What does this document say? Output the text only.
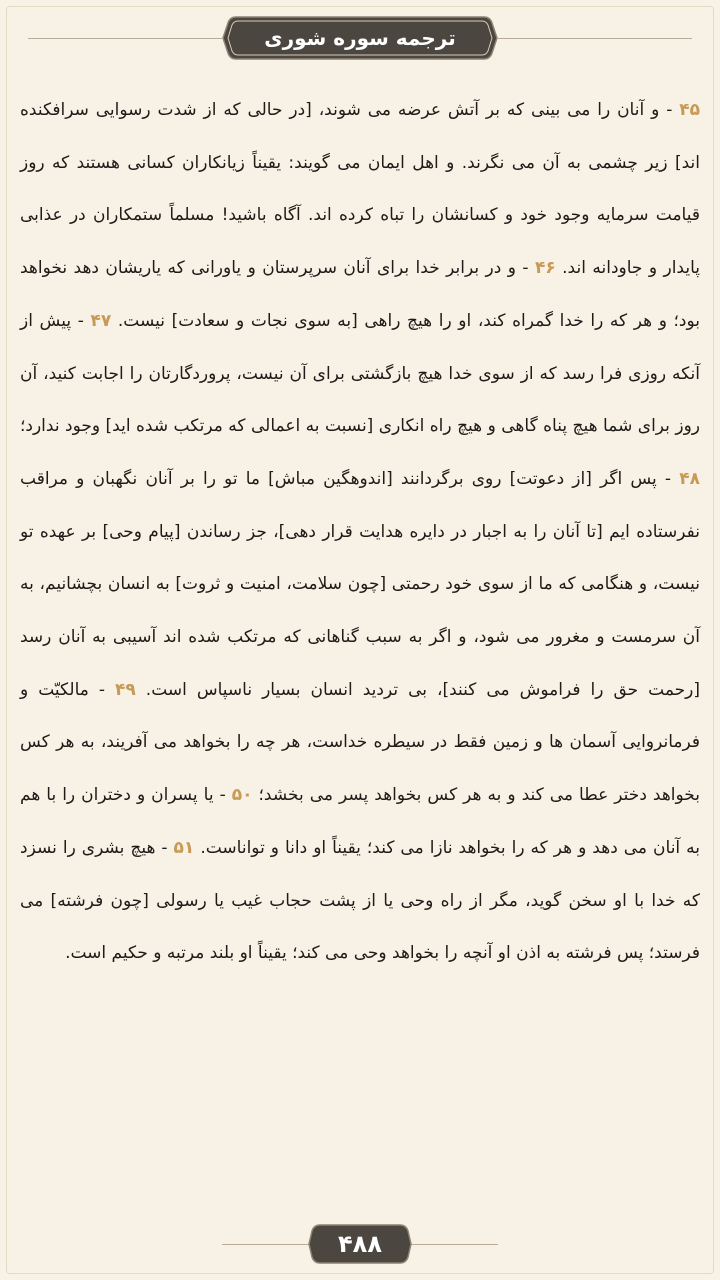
ترجمه سوره شوری
۴۵ - و آنان را می بینی که بر آتش عرضه می شوند، [در حالی که از شدت رسوایی سرافکنده اند] زیر چشمی به آن می نگرند. و اهل ایمان می گویند: یقیناً زیانکاران کسانی هستند که روز قیامت سرمایه وجود خود و کسانشان را تباه کرده اند. آگاه باشید! مسلماً ستمکاران در عذابی پایدار و جاودانه اند. ۴۶ - و در برابر خدا برای آنان سرپرستان و یاورانی که یاریشان دهد نخواهد بود؛ و هر که را خدا گمراه کند، او را هیچ راهی [به سوی نجات و سعادت] نیست. ۴۷ - پیش از آنکه روزی فرا رسد که از سوی خدا هیچ بازگشتی برای آن نیست، پروردگارتان را اجابت کنید، آن روز برای شما هیچ پناه گاهی و هیچ راه انکاری [نسبت به اعمالی که مرتکب شده اید] وجود ندارد؛ ۴۸ - پس اگر [از دعوتت] روی برگردانند [اندوهگین مباش] ما تو را بر آنان نگهبان و مراقب نفرستاده ایم [تا آنان را به اجبار در دایره هدایت قرار دهی]، جز رساندن [پیام وحی] بر عهده تو نیست، و هنگامی که ما از سوی خود رحمتی [چون سلامت، امنیت و ثروت] به انسان بچشانیم، به آن سرمست و مغرور می شود، و اگر به سبب گناهانی که مرتکب شده اند آسیبی به آنان رسد [رحمت حق را فراموش می کنند]، بی تردید انسان بسیار ناسپاس است. ۴۹ - مالکیّت و فرمانروایی آسمان ها و زمین فقط در سیطره خداست، هر چه را بخواهد می آفریند، به هر کس بخواهد دختر عطا می کند و به هر کس بخواهد پسر می بخشد؛ ۵۰ - یا پسران و دختران را با هم به آنان می دهد و هر که را بخواهد نازا می کند؛ یقیناً او دانا و تواناست. ۵۱ - هیچ بشری را نسزد که خدا با او سخن گوید، مگر از راه وحی یا از پشت حجاب غیب یا رسولی [چون فرشته] می فرستد؛ پس فرشته به اذن او آنچه را بخواهد وحی می کند؛ یقیناً او بلند مرتبه و حکیم است.
۴۸۸
